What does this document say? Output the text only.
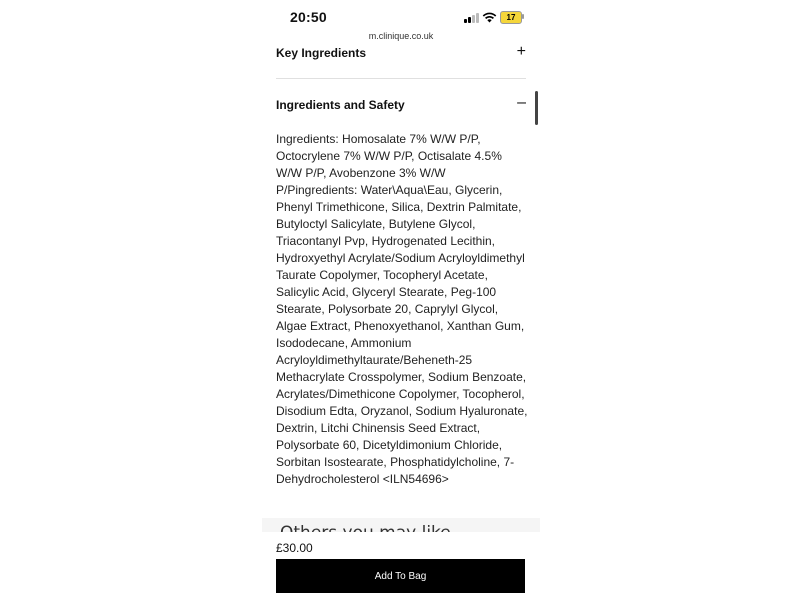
20:50	17
m.clinique.co.uk
Key Ingredients	+
Ingredients and Safety	–
Ingredients: Homosalate 7% W/W P/P, Octocrylene 7% W/W P/P, Octisalate 4.5% W/W P/P, Avobenzone 3% W/W P/Pingredients: Water\Aqua\Eau, Glycerin, Phenyl Trimethicone, Silica, Dextrin Palmitate, Butyloctyl Salicylate, Butylene Glycol, Triacontanyl Pvp, Hydrogenated Lecithin, Hydroxyethyl Acrylate/Sodium Acryloyldimethyl Taurate Copolymer, Tocopheryl Acetate, Salicylic Acid, Glyceryl Stearate, Peg-100 Stearate, Polysorbate 20, Caprylyl Glycol, Algae Extract, Phenoxyethanol, Xanthan Gum, Isododecane, Ammonium Acryloyldimethyltaurate/Beheneth-25 Methacrylate Crosspolymer, Sodium Benzoate, Acrylates/Dimethicone Copolymer, Tocopherol, Disodium Edta, Oryzanol, Sodium Hyaluronate, Dextrin, Litchi Chinensis Seed Extract, Polysorbate 60, Dicetyldimonium Chloride, Sorbitan Isostearate, Phosphatidylcholine, 7-Dehydrocholesterol <ILN54696>
£30.00
Add To Bag
